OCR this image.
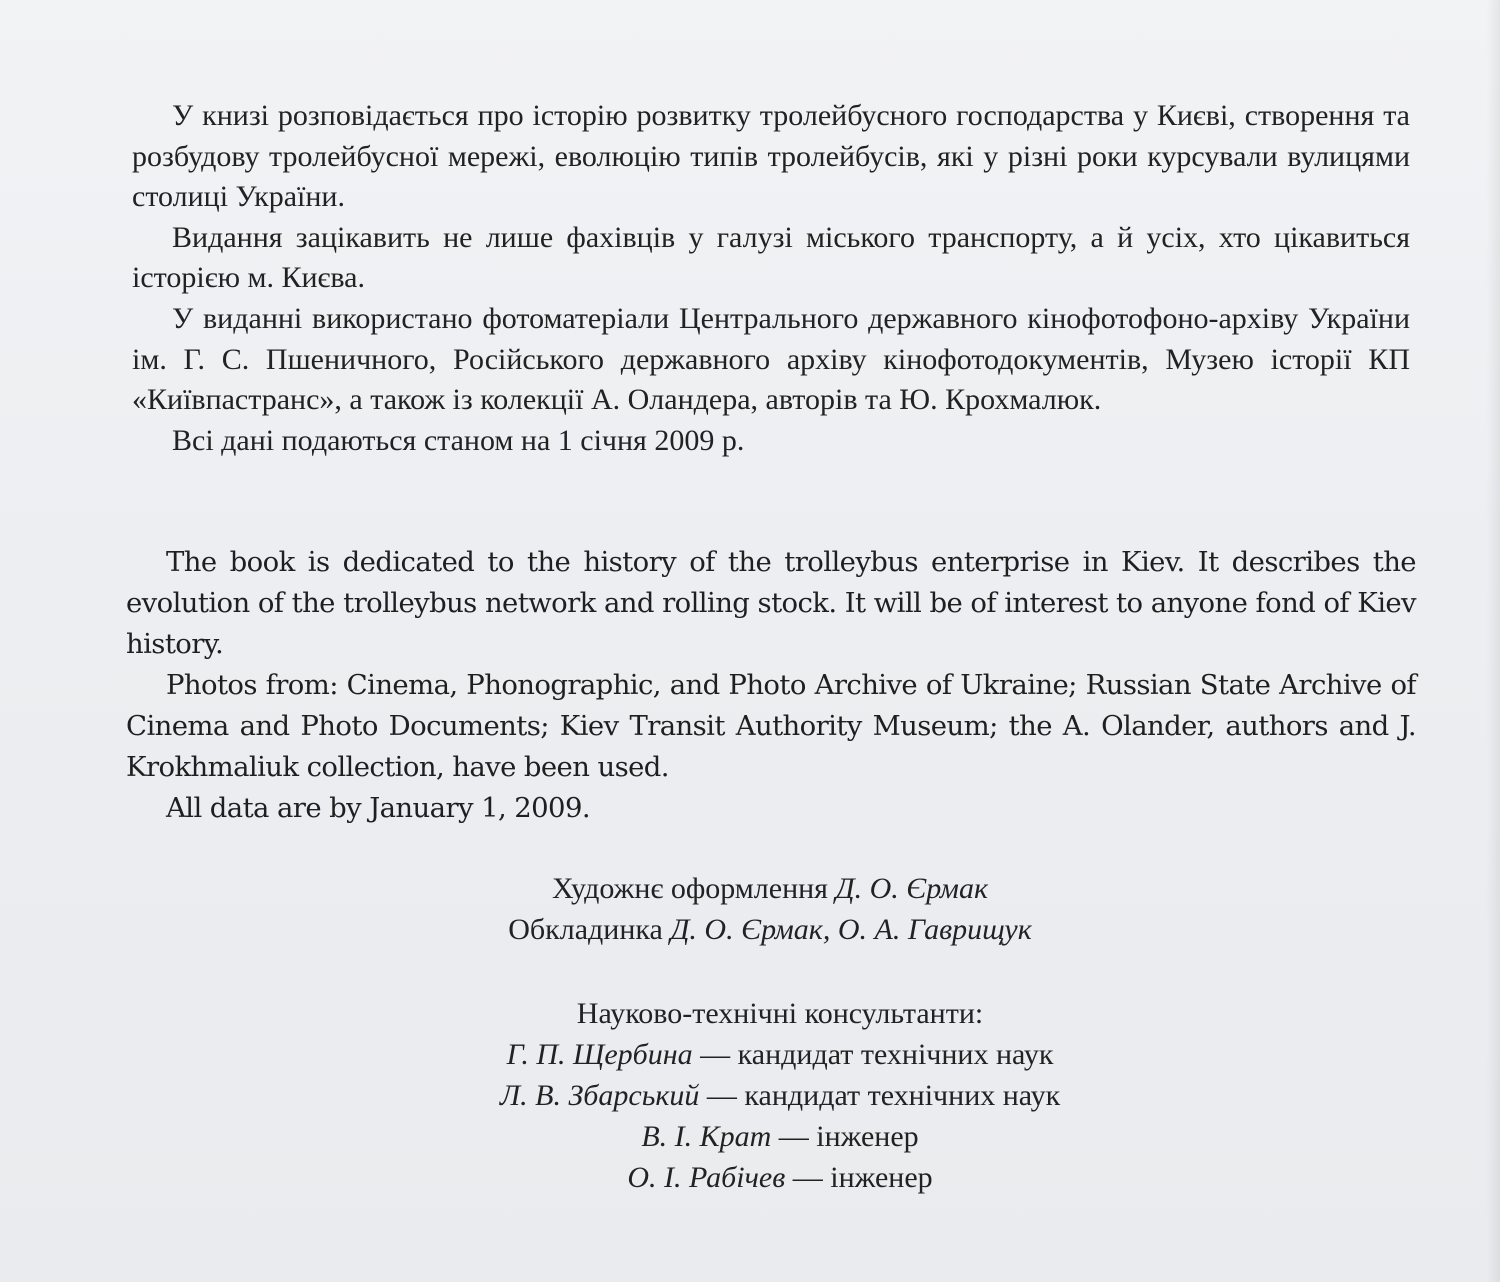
У книзі розповідається про історію розвитку тролейбусного господарства у Києві, створення та розбудову тролейбусної мережі, еволюцію типів тролейбусів, які у різні роки курсували вулицями столиці України.

Видання зацікавить не лише фахівців у галузі міського транспорту, а й усіх, хто цікавиться історією м. Києва.

У виданні використано фотоматеріали Центрального державного кінофотофоно-архіву України ім. Г. С. Пшеничного, Російського державного архіву кінофотодокументів, Музею історії КП «Київпастранс», а також із колекції А. Оландера, авторів та Ю. Крохмалюк.

Всі дані подаються станом на 1 січня 2009 р.

The book is dedicated to the history of the trolleybus enterprise in Kiev. It describes the evolution of the trolleybus network and rolling stock. It will be of interest to anyone fond of Kiev history.

Photos from: Cinema, Phonographic, and Photo Archive of Ukraine; Russian State Archive of Cinema and Photo Documents; Kiev Transit Authority Museum; the A. Olander, authors and J. Krokhmaliuk collection, have been used.

All data are by January 1, 2009.

Художнє оформлення Д. О. Єрмак
Обкладинка Д. О. Єрмак, О. А. Гаврищук
Науково-технічні консультанти:
Г. П. Щербина — кандидат технічних наук
Л. В. Збарський — кандидат технічних наук
В. І. Крат — інженер
О. І. Рабічев — інженер
